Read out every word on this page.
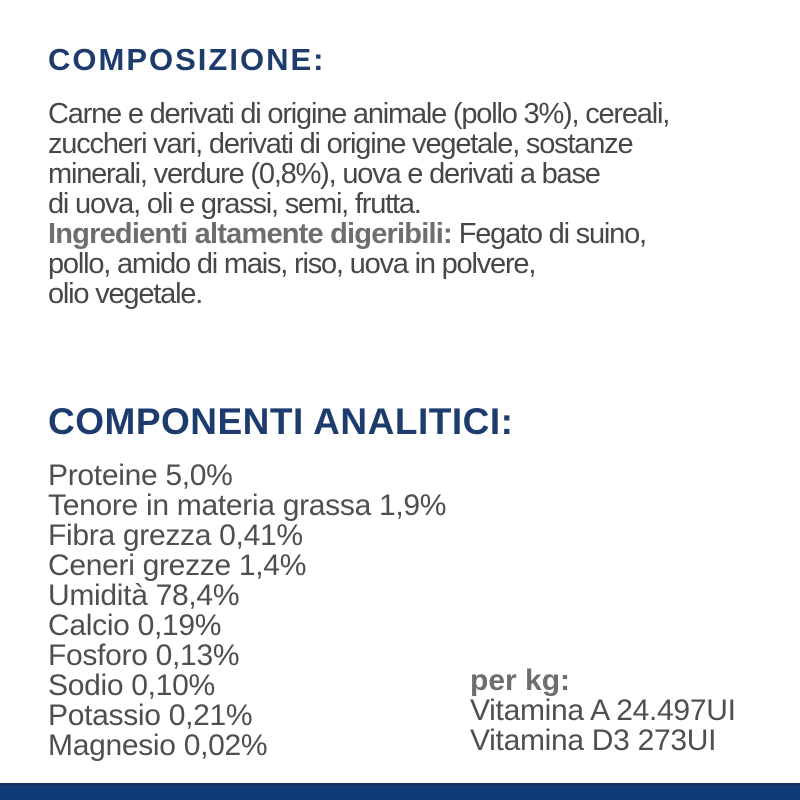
COMPOSIZIONE:
Carne e derivati di origine animale (pollo 3%), cereali,
zuccheri vari, derivati di origine vegetale, sostanze
minerali, verdure (0,8%), uova e derivati a base
di uova, oli e grassi, semi, frutta.
Ingredienti altamente digeribili: Fegato di suino,
pollo, amido di mais, riso, uova in polvere,
olio vegetale.
COMPONENTI ANALITICI:
Proteine 5,0%
Tenore in materia grassa 1,9%
Fibra grezza 0,41%
Ceneri grezze 1,4%
Umidità 78,4%
Calcio 0,19%
Fosforo 0,13%
Sodio 0,10%
Potassio 0,21%
Magnesio 0,02%
per kg:
Vitamina A 24.497UI
Vitamina D3 273UI
